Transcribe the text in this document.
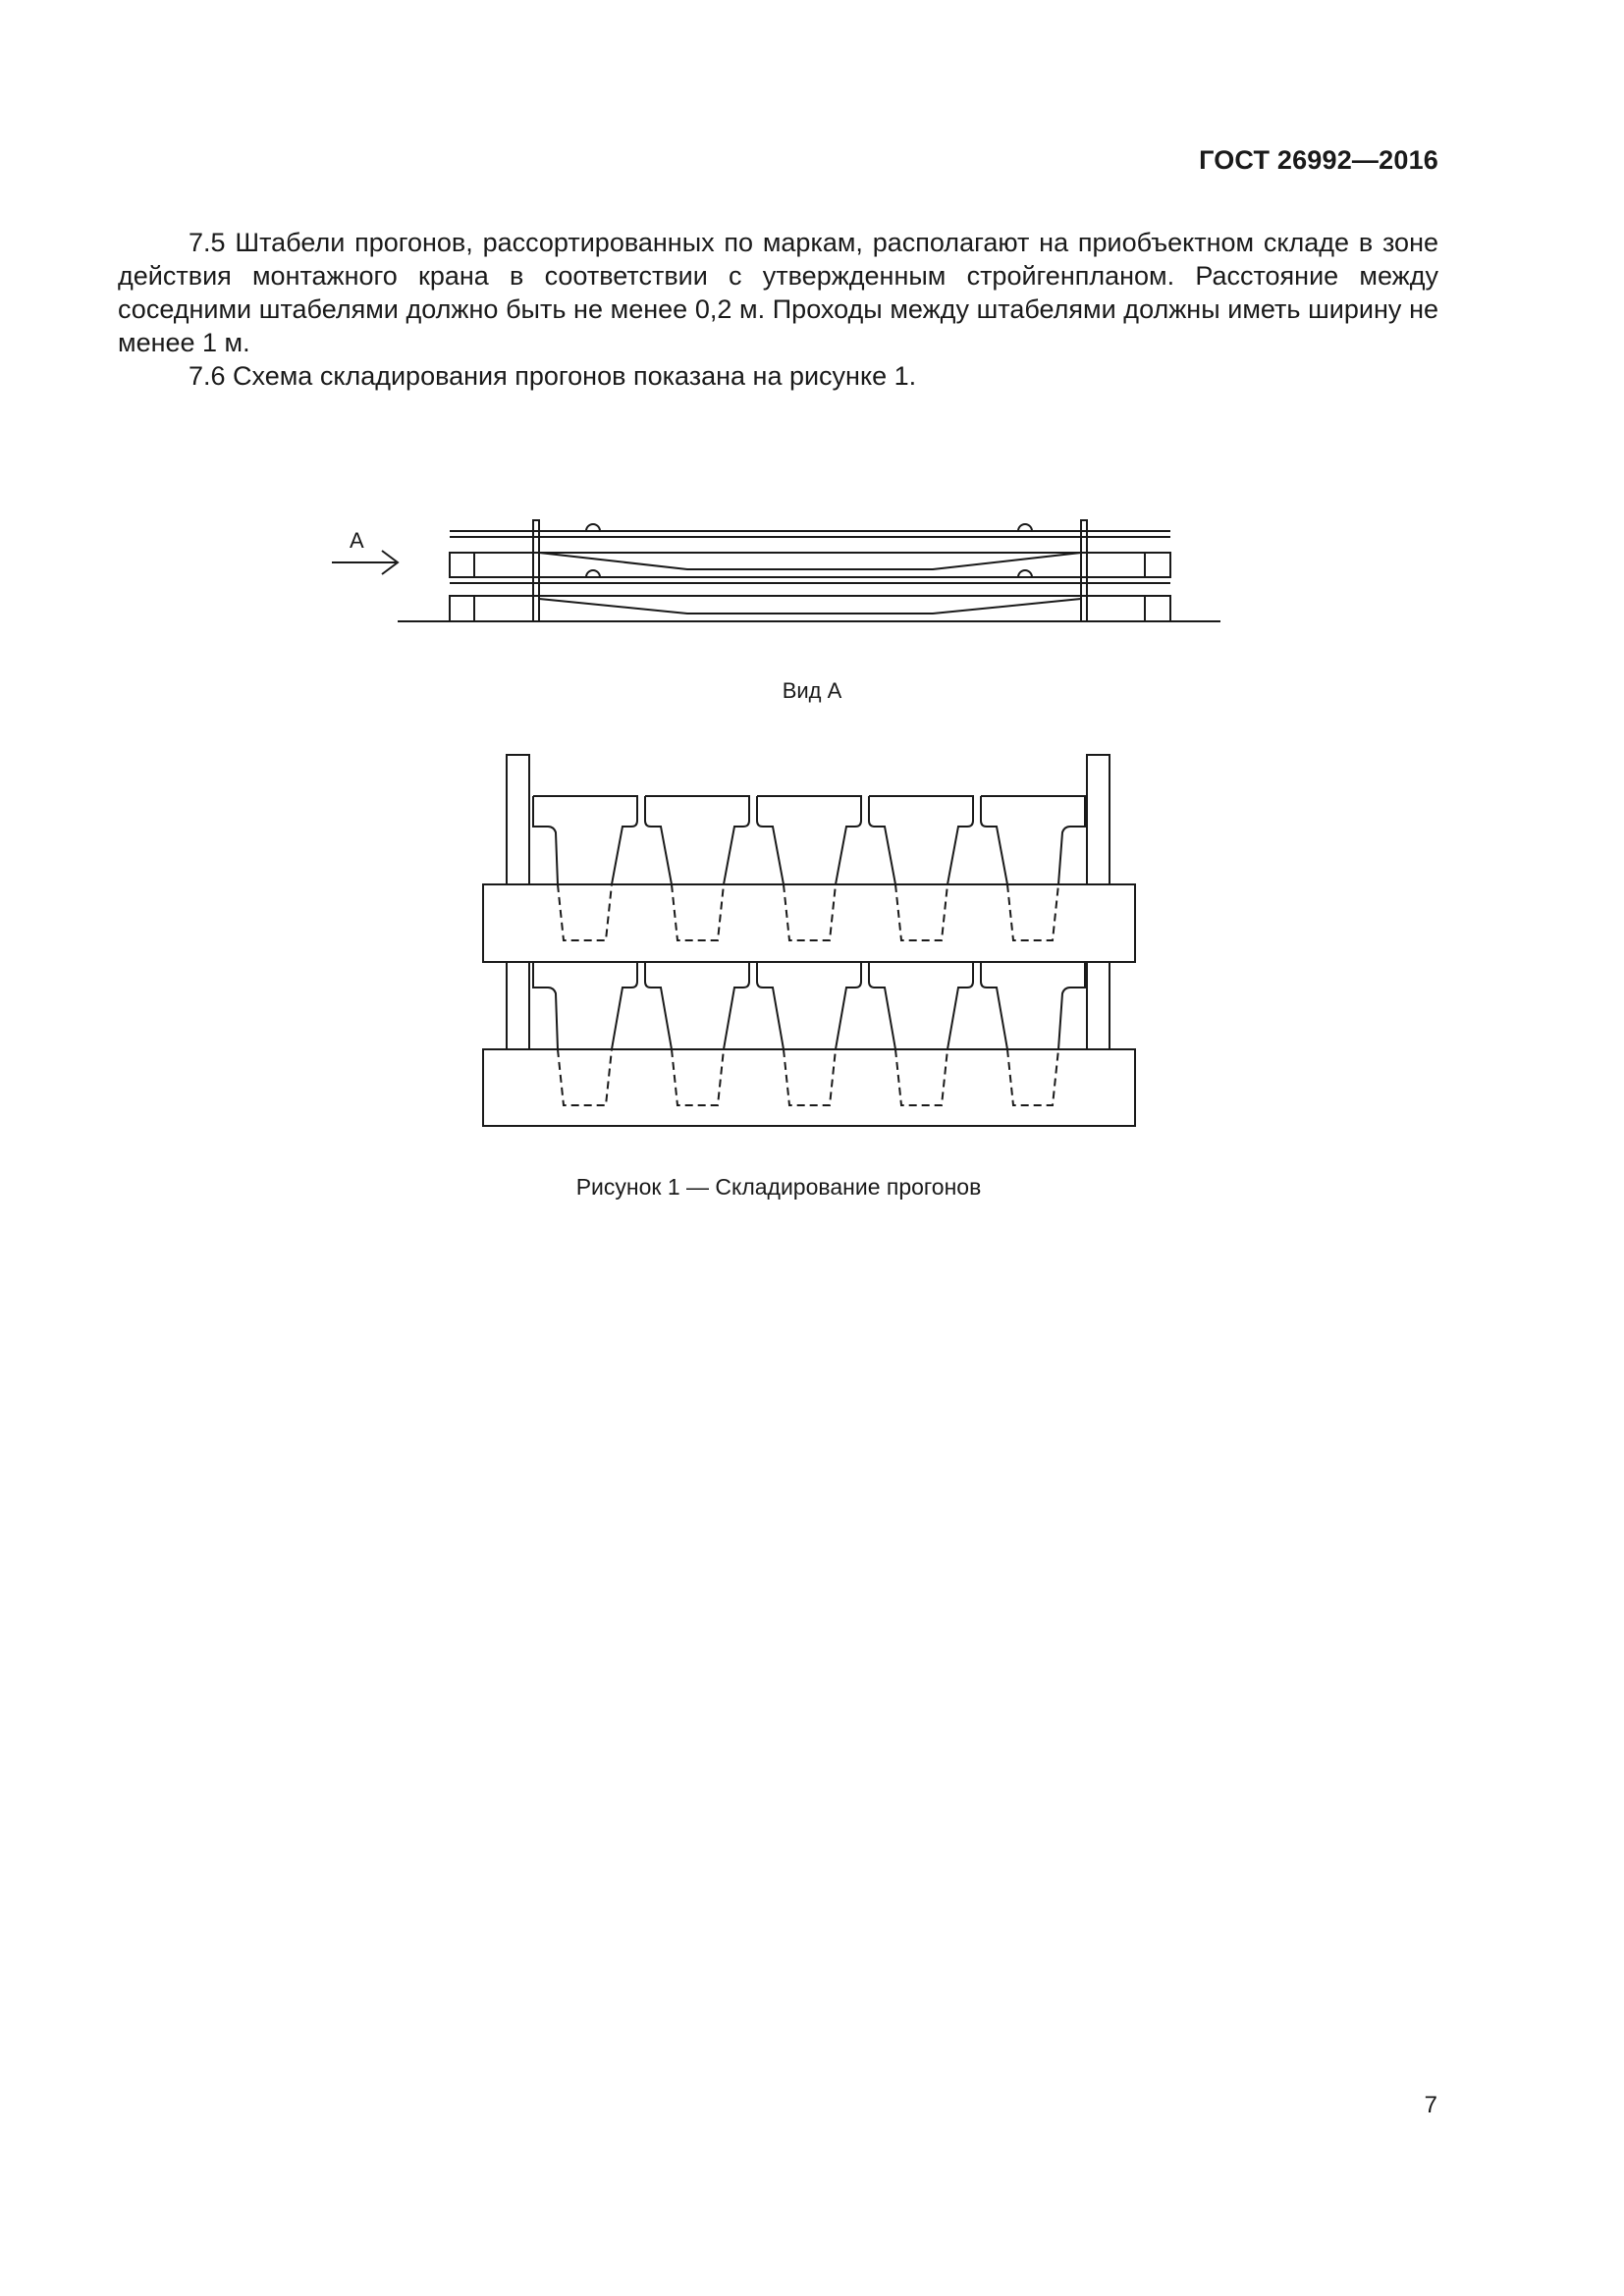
ГОСТ 26992—2016

7.5 Штабели прогонов, рассортированных по маркам, располагают на приобъектном складе в зоне действия монтажного крана в соответствии с утвержденным стройгенпланом. Расстояние между соседними штабелями должно быть не менее 0,2 м. Проходы между штабелями должны иметь ширину не менее 1 м.

7.6 Схема складирования прогонов показана на рисунке 1.

А
Вид А
Рисунок 1 — Складирование прогонов
7
